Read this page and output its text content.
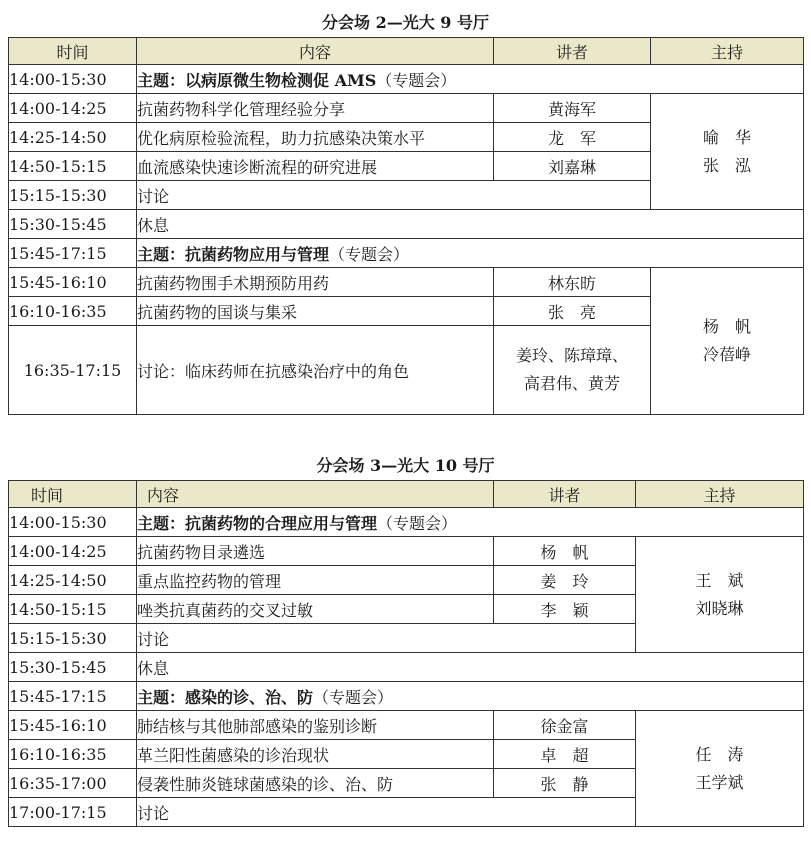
分会场 2—光大 9 号厅
时间	内容	讲者	主持
14:00-15:30	主题：以病原微生物检测促 AMS（专题会）		
14:00-14:25	抗菌药物科学化管理经验分享	黄海军	喻　华
张　泓

14:25-14:50	优化病原检验流程，助力抗感染决策水平	龙　军	
14:50-15:15	血流感染快速诊断流程的研究进展	刘嘉琳	
15:15-15:30	讨论		
15:30-15:45	休息		
15:45-17:15	主题：抗菌药物应用与管理（专题会）		
15:45-16:10	抗菌药物围手术期预防用药	林东昉	杨　帆
冷蓓峥

16:10-16:35	抗菌药物的国谈与集采	张　亮	
16:35-17:15	讨论：临床药师在抗感染治疗中的角色	姜玲、陈璋璋、
高君伟、黄芳	
分会场 3—光大 10 号厅
时间	内容	讲者	主持
14:00-15:30	主题：抗菌药物的合理应用与管理（专题会）		
14:00-14:25	抗菌药物目录遴选	杨　帆	王　斌
刘晓琳

14:25-14:50	重点监控药物的管理	姜　玲	
14:50-15:15	唑类抗真菌药的交叉过敏	李　颖	
15:15-15:30	讨论		
15:30-15:45	休息		
15:45-17:15	主题：感染的诊、治、防（专题会）		
15:45-16:10	肺结核与其他肺部感染的鉴别诊断	徐金富	任　涛
王学斌

16:10-16:35	革兰阳性菌感染的诊治现状	卓　超	
16:35-17:00	侵袭性肺炎链球菌感染的诊、治、防	张　静	
17:00-17:15	讨论		
